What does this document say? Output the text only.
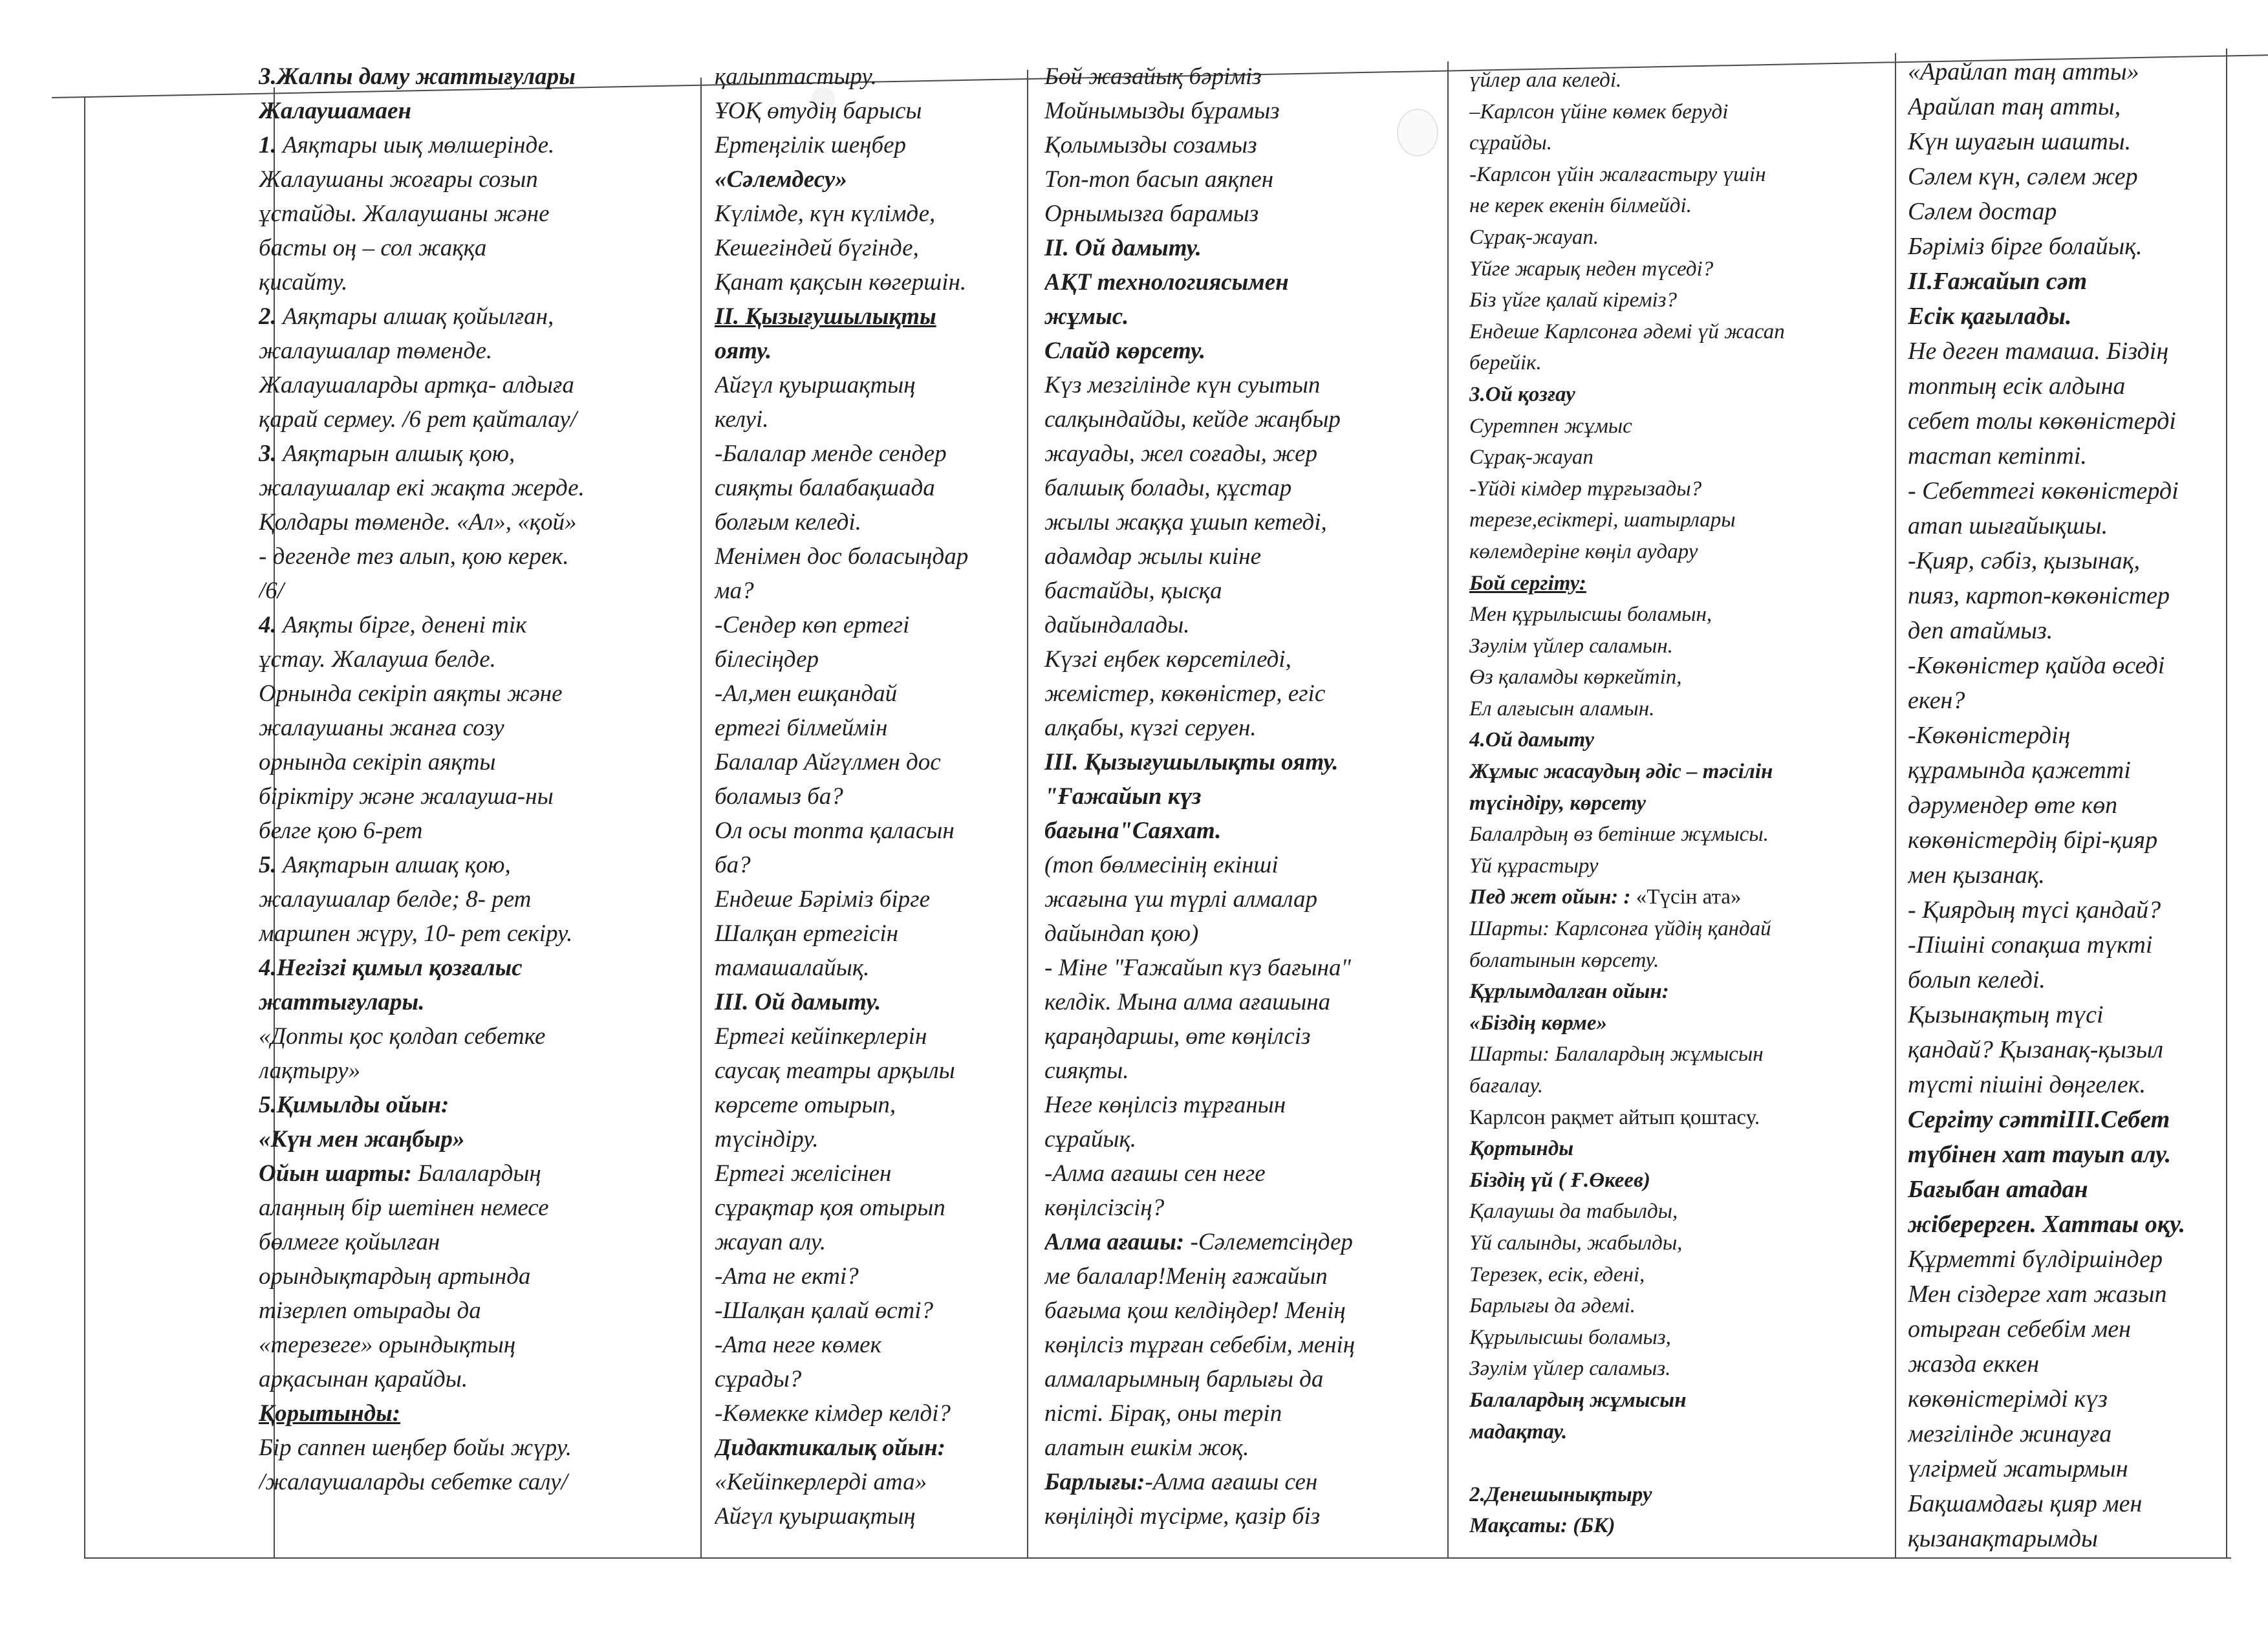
3.Жалпы даму жаттығулары
Жалаушамаен
1. Аяқтары иық мөлшерінде.
Жалаушаны жоғары созып
ұстайды. Жалаушаны және
басты оң – сол жаққа
қисайту.
2. Аяқтары алшақ қойылған,
жалаушалар төменде.
Жалаушаларды артқа- алдыға
қарай сермеу. /6 рет қайталау/
3. Аяқтарын алшық қою,
жалаушалар екі жақта жерде.
Қолдары төменде. «Ал», «қой»
- дегенде тез алып, қою керек.
/6/
4. Аяқты бірге, денені тік
ұстау. Жалауша белде.
Орнында секіріп аяқты және
жалаушаны жанға созу
орнында секіріп аяқты
біріктіру және жалауша-ны
белге қою 6-рет
5. Аяқтарын алшақ қою,
жалаушалар белде; 8- рет
маршпен жүру, 10- рет секіру.
4.Негізгі қимыл қозғалыс
жаттығулары.
«Допты қос қолдап себетке
лақтыру»
5.Қимылды ойын:
«Күн мен жаңбыр»
Ойын шарты: Балалардың
алаңның бір шетінен немесе
бөлмеге қойылған
орындықтардың артында
тізерлеп отырады да
«терезеге» орындықтың
арқасынан қарайды.
Қорытынды:
Бір саппен шеңбер бойы жүру.
/жалаушаларды себетке салу/
қалыптастыру.
ҰОҚ өтудің барысы
Ертеңгілік шеңбер
«Сәлемдесу»
Күлімде, күн күлімде,
Кешегіндей бүгінде,
Қанат қақсын көгершін.
ІІ. Қызығушылықты
ояту.
Айгүл қуыршақтың
келуі.
-Балалар менде сендер
сияқты балабақшада
болғым келеді.
Менімен дос боласыңдар
ма?
-Сендер көп ертегі
білесіңдер
-Ал,мен ешқандай
ертегі білмеймін
Балалар Айгүлмен дос
боламыз ба?
Ол осы топта қаласын
ба?
Ендеше Бәріміз бірге
Шалқан ертегісін
тамашалайық.
ІІІ. Ой дамыту.
Ертегі кейіпкерлерін
саусақ театры арқылы
көрсете отырып,
түсіндіру.
Ертегі желісінен
сұрақтар қоя отырып
жауап алу.
-Ата не екті?
-Шалқан қалай өсті?
-Ата неге көмек
сұрады?
-Көмекке кімдер келді?
Дидактикалық ойын:
«Кейіпкерлерді ата»
Айгүл қуыршақтың
Бой жазайық бәріміз
Мойнымызды бұрамыз
Қолымызды созамыз
Топ-топ басып аяқпен
Орнымызға барамыз
ІІ. Ой дамыту.
АҚТ технологиясымен
жұмыс.
Слайд көрсету.
Күз мезгілінде күн суытып
салқындайды, кейде жаңбыр
жауады, жел соғады, жер
балшық болады, құстар
жылы жаққа ұшып кетеді,
адамдар жылы киіне
бастайды, қысқа
дайындалады.
Күзгі еңбек көрсетіледі,
жемістер, көкөністер, егіс
алқабы, күзгі серуен.
ІІІ. Қызығушылықты ояту.
"Ғажайып күз
бағына"Саяхат.
(топ бөлмесінің екінші
жағына үш түрлі алмалар
дайындап қою)
- Міне "Ғажайып күз бағына"
келдік. Мына алма ағашына
қараңдаршы, өте көңілсіз
сияқты.
Неге көңілсіз тұрғанын
сұрайық.
-Алма ағашы сен неге
көңілсізсің?
Алма ағашы: -Сәлеметсіңдер
ме балалар!Менің ғажайып
бағыма қош келдіңдер! Менің
көңілсіз тұрған себебім, менің
алмаларымның барлығы да
пісті. Бірақ, оны теріп
алатын ешкім жоқ.
Барлығы:-Алма ағашы сен
көңіліңді түсірме, қазір біз
үйлер ала келеді.
–Карлсон үйіне көмек беруді
сұрайды.
-Карлсон үйін жалғастыру үшін
не керек екенін білмейді.
Сұрақ-жауап.
Үйге жарық неден түседі?
Біз үйге қалай кіреміз?
Ендеше Карлсонға әдемі үй жасап
берейік.
3.Ой қозғау
Суретпен жұмыс
Сұрақ-жауап
-Үйді кімдер тұрғызады?
терезе,есіктері, шатырлары
көлемдеріне көңіл аудару
Бой сергіту:
Мен құрылысшы боламын,
Зәулім үйлер саламын.
Өз қаламды көркейтіп,
Ел алғысын аламын.
4.Ой дамыту
Жұмыс жасаудың әдіс – тәсілін
түсіндіру, көрсету
Балалрдың өз бетінше жұмысы.
Үй құрастыру
Пед жет ойын: : «Түсін ата»
Шарты: Карлсонға үйдің қандай
болатынын көрсету.
Құрлымдалған ойын:
«Біздің көрме»
Шарты: Балалардың жұмысын
бағалау.
Карлсон рақмет айтып қоштасу.
Қортынды
Біздің үй ( Ғ.Өкеев)
Қалаушы да табылды,
Үй салынды, жабылды,
Терезек, есік, едені,
Барлығы да әдемі.
Құрылысшы боламыз,
Зәулім үйлер саламыз.
Балалардың жұмысын
мадақтау.

2.Денешынықтыру
Мақсаты: (БК)
«Арайлап таң атты»
Арайлап таң атты,
Күн шуағын шашты.
Сәлем күн, сәлем жер
Сәлем достар
Бәріміз бірге болайық.
ІІ.Ғажайып сәт
Есік қағылады.
Не деген тамаша. Біздің
топтың есік алдына
себет толы көкөністерді
тастап кетіпті.
- Себеттегі көкөністерді
атап шығайықшы.
-Қияр, сәбіз, қызынақ,
пияз, картоп-көкөністер
деп атаймыз.
-Көкөністер қайда өседі
екен?
-Көкөністердің
құрамында қажетті
дәрумендер өте көп
көкөністердің бірі-қияр
мен қызанақ.
- Қиярдың түсі қандай?
-Пішіні сопақша түкті
болып келеді.
Қызынақтың түсі
қандай? Қызанақ-қызыл
түсті пішіні дөңгелек.
Сергіту сәттіІІІ.Себет
түбінен хат тауып алу.
Бағыбан атадан
жіберерген. Хаттаы оқу.
Құрметті бүлдіршіндер
Мен сіздерге хат жазып
отырған себебім мен
жазда еккен
көкөністерімді күз
мезгілінде жинауға
үлгірмей жатырмын
Бақшамдағы қияр мен
қызанақтарымды
